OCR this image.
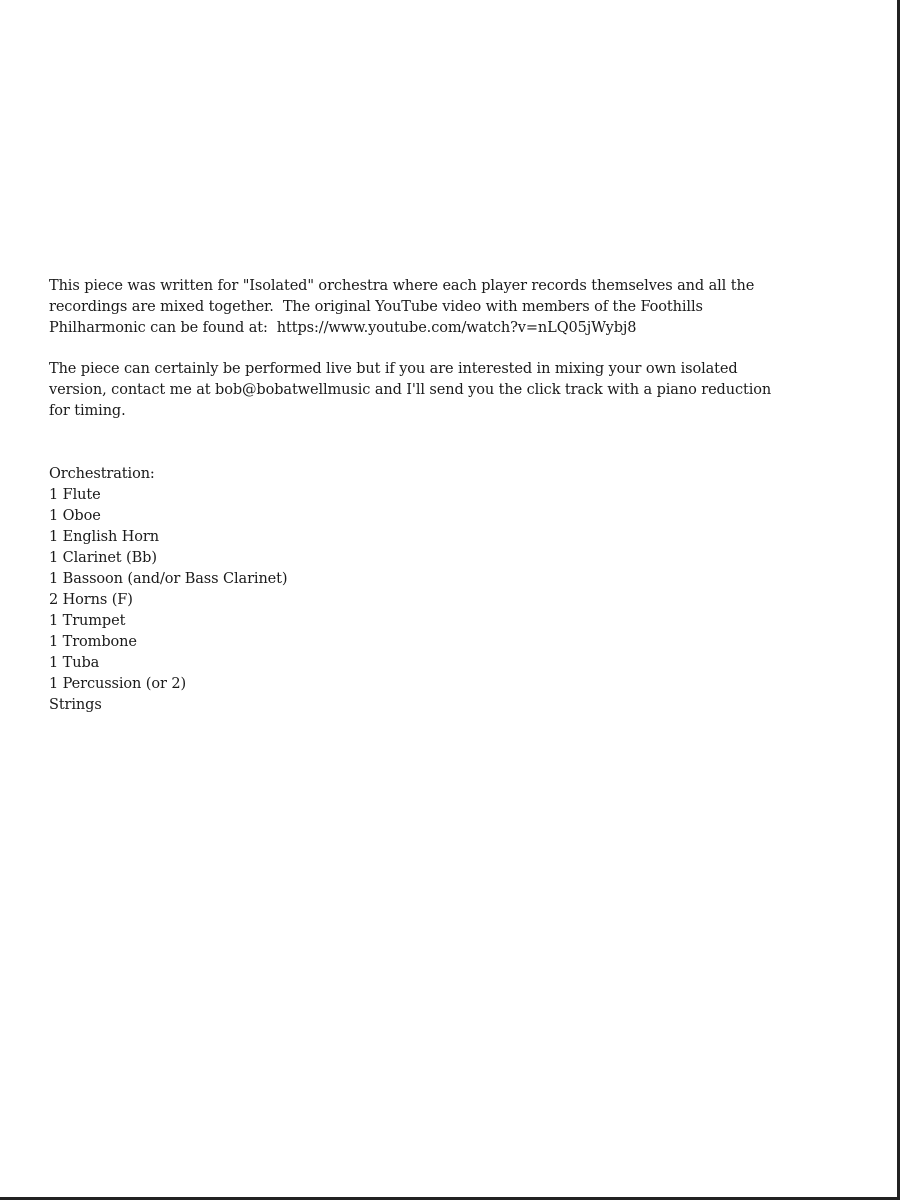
This piece was written for "Isolated" orchestra where each player records themselves and all the
recordings are mixed together.  The original YouTube video with members of the Foothills
Philharmonic can be found at:  https://www.youtube.com/watch?v=nLQ05jWybj8
The piece can certainly be performed live but if you are interested in mixing your own isolated
version, contact me at bob@bobatwellmusic and I'll send you the click track with a piano reduction
for timing.
Orchestration:
1 Flute
1 Oboe
1 English Horn
1 Clarinet (Bb)
1 Bassoon (and/or Bass Clarinet)
2 Horns (F)
1 Trumpet
1 Trombone
1 Tuba
1 Percussion (or 2)
Strings
